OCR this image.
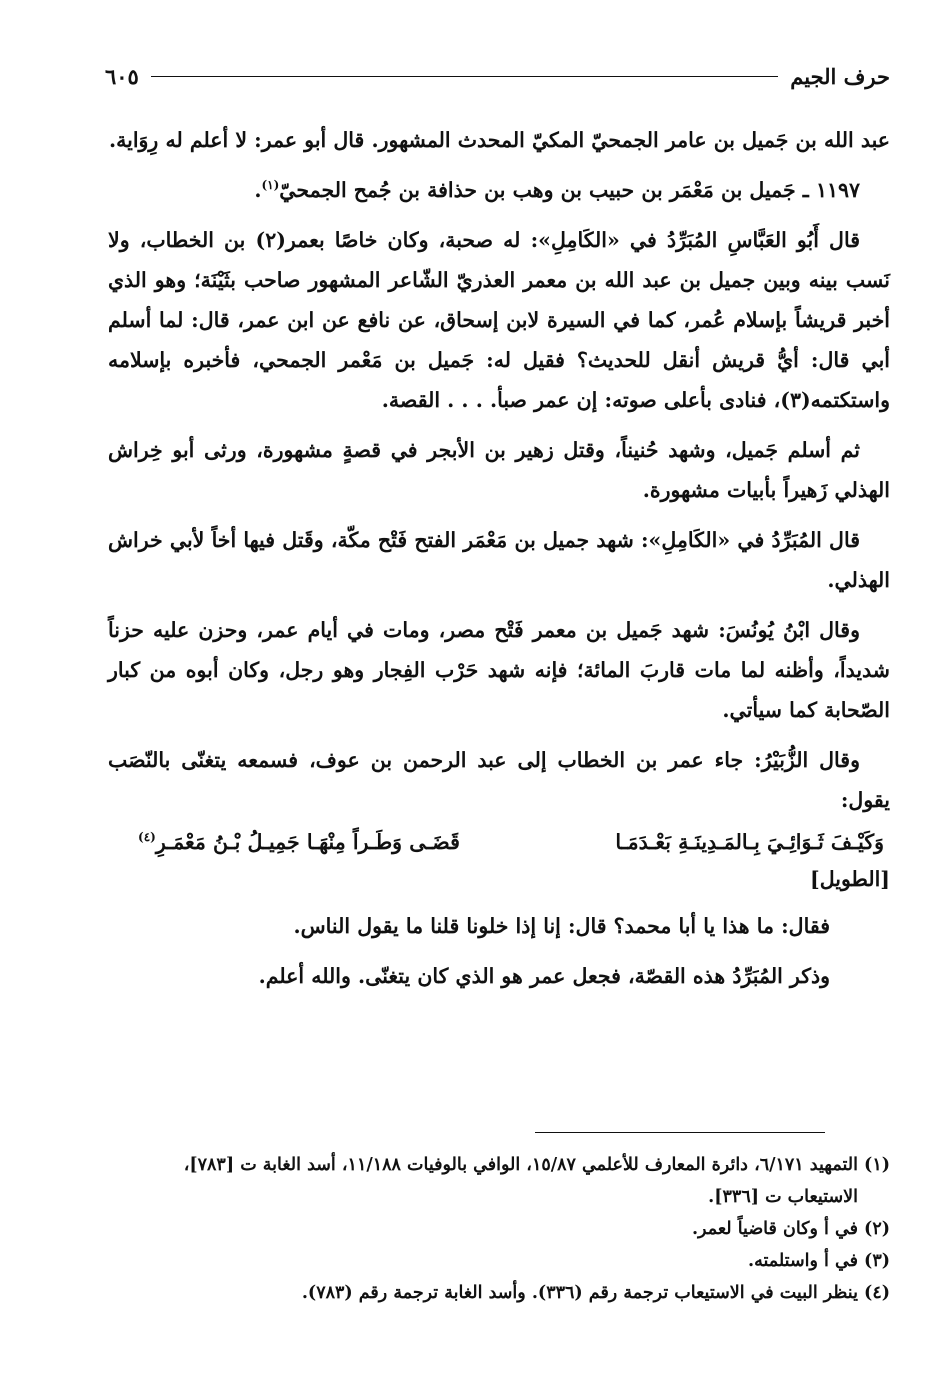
حرف الجيم
٦٠٥

عبد الله بن جَميل بن عامر الجمحيّ المكيّ المحدث المشهور. قال أبو عمر: لا أعلم له رِوَاية.

١١٩٧ ـ جَميل بن مَعْمَر بن حبيب بن وهب بن حذافة بن جُمح الجمحيّ$^{(١)}$.

قال أَبُو العَبَّاسِ المُبَرِّدُ في «الكَامِلِ»: له صحبة، وكان خاصًا بعمر(٢) بن الخطاب، ولا نَسب بينه وبين جميل بن عبد الله بن معمر العذريّ الشّاعر المشهور صاحب بثَيْنَة؛ وهو الذي أخبر قريشاً بإسلام عُمر، كما في السيرة لابن إسحاق، عن نافع عن ابن عمر، قال: لما أسلم أبي قال: أيُّ قريش أنقل للحديث؟ فقيل له: جَميل بن مَعْمر الجمحي، فأخبره بإسلامه واستكتمه(٣)، فنادى بأعلى صوته: إن عمر صبأ. . . . القصة.

ثم أسلم جَميل، وشهد حُنيناً، وقتل زهير بن الأبجر في قصةٍ مشهورة، ورثى أبو خِراش الهذلي زَهيراً بأبيات مشهورة.

قال المُبَرِّدُ في «الكَامِلِ»: شهد جميل بن مَعْمَر الفتح فَتْح مكّة، وقَتل فيها أخاً لأبي خراش الهذلي.

وقال ابْنُ يُونُسَ: شهد جَميل بن معمر فَتْح مصر، ومات في أيام عمر، وحزن عليه حزناً شديداً، وأظنه لما مات قاربَ المائة؛ فإنه شهد حَرْب الفِجار وهو رجل، وكان أبوه من كبار الصّحابة كما سيأتي.

وقال الزُّبَيْرُ: جاء عمر بن الخطاب إلى عبد الرحمن بن عوف، فسمعه يتغنّى بالنّصَب يقول:

وَكَيْـفَ ثَـوَائِـيَ بِـالمَـدِينَـةِ بَعْـدَمَـا
قَضَـى وَطَـراً مِنْهَـا جَمِيـلُ بْـنُ مَعْمَـرِ$^{(٤)}$

[الطويل]

فقال: ما هذا يا أبا محمد؟ قال: إنا إذا خلونا قلنا ما يقول الناس.

وذكر المُبَرِّدُ هذه القصّة، فجعل عمر هو الذي كان يتغنّى. والله أعلم.

(١) التمهيد ٦/١٧١، دائرة المعارف للأعلمي ١٥/٨٧، الوافي بالوفيات ١١/١٨٨، أسد الغابة ت [٧٨٣]،

الاستيعاب ت [٣٣٦].

(٢) في أ وكان قاضياً لعمر.

(٣) في أ واستلمته.

(٤) ينظر البيت في الاستيعاب ترجمة رقم (٣٣٦). وأسد الغابة ترجمة رقم (٧٨٣).
